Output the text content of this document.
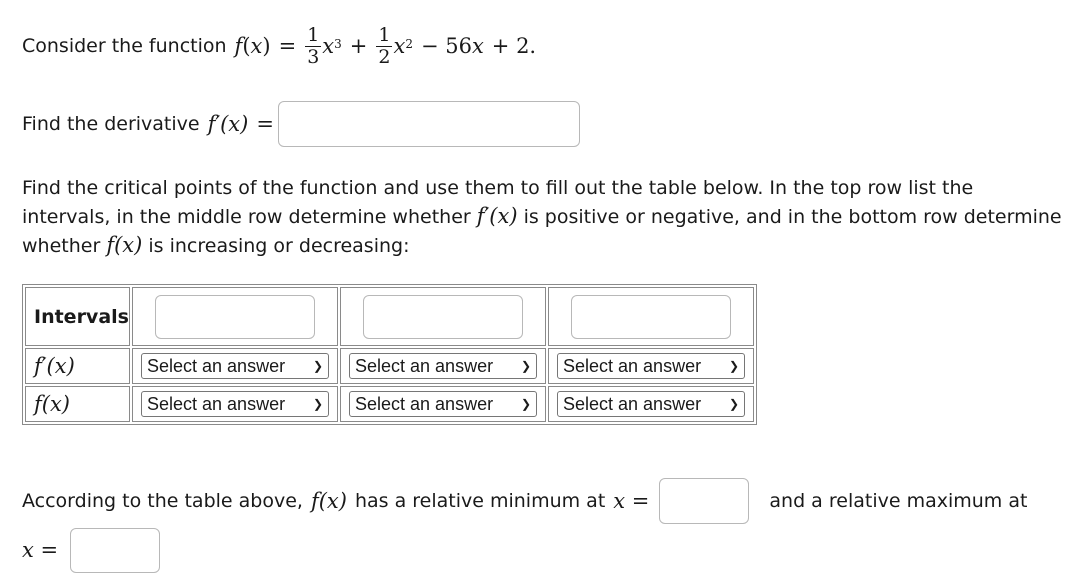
Consider the function f ( x ) = $\frac{1}{3} x^3 + \frac{1}{2} x^2 - 56$ x + 2.
Find the derivative f′(x) =
Find the critical points of the function and use them to fill out the table below. In the top row list the intervals, in the middle row determine whether f′(x) is positive or negative, and in the bottom row determine whether f(x) is increasing or decreasing:
Intervals	

f′(x)	Select an answer ❯	Select an answer ❯	Select an answer ❯

f(x)	Select an answer ❯	Select an answer ❯	Select an answer ❯
According to the table above, f(x) has a relative minimum at x =	and a relative maximum at
x =
